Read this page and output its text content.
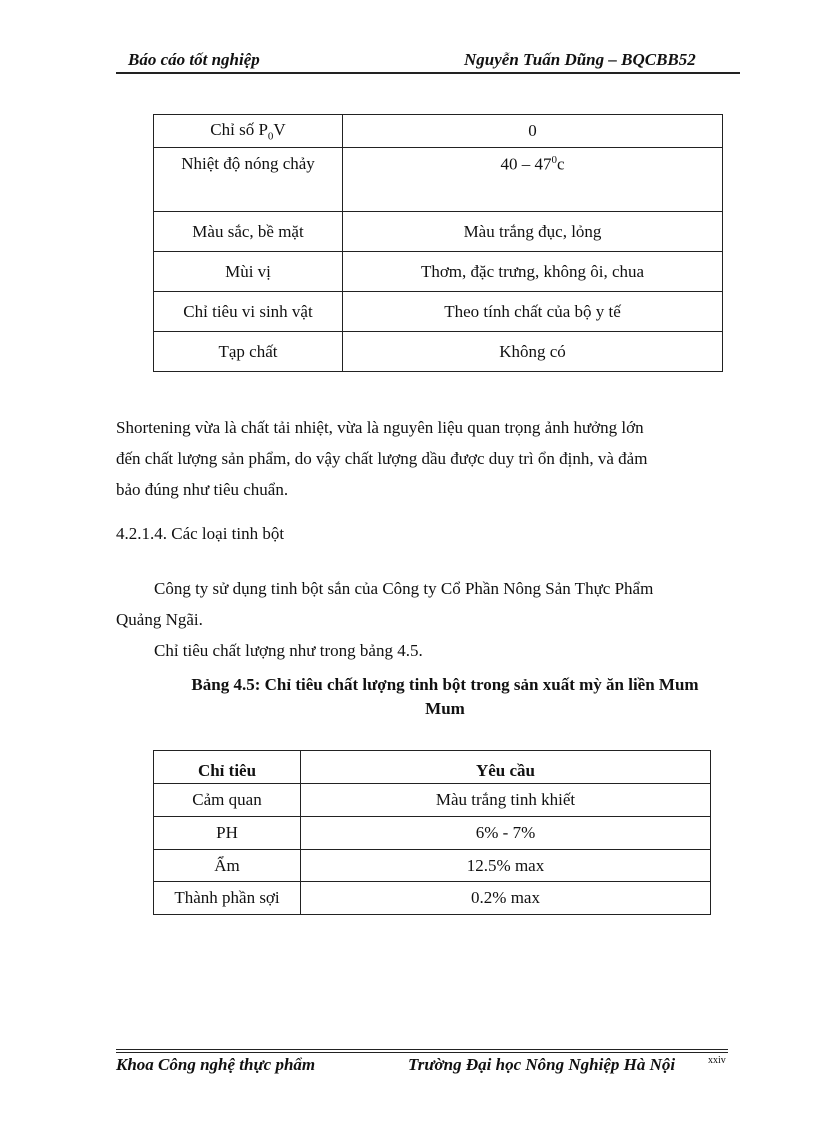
Báo cáo tốt nghiệp	Nguyễn Tuấn Dũng – BQCBB52
Chỉ số $P_0V$	0
Nhiệt độ nóng chảy	$40 - 47^0c$
Màu sắc, bề mặt	Màu trắng đục, lỏng
Mùi vị	Thơm, đặc trưng, không ôi, chua
Chỉ tiêu vi sinh vật	Theo tính chất của bộ y tế
Tạp chất	Không có
Shortening vừa là chất tải nhiệt, vừa là nguyên liệu quan trọng ảnh hưởng lớn
đến chất lượng sản phẩm, do vậy chất lượng dầu được duy trì ổn định, và đảm
bảo đúng như tiêu chuẩn.
4.2.1.4. Các loại tinh bột
Công ty sử dụng tinh bột sắn của Công ty Cổ Phần Nông Sản Thực Phẩm
Quảng Ngãi.
Chỉ tiêu chất lượng như trong bảng 4.5.
Bảng 4.5: Chỉ tiêu chất lượng tinh bột trong sản xuất mỳ ăn liền Mum
Mum
Chỉ tiêu	Yêu cầu
Cảm quan	Màu trắng tinh khiết
PH	6% - 7%
Ẩm	12.5% max
Thành phần sợi	0.2% max
Khoa Công nghệ thực phẩm	Trường Đại học Nông Nghiệp Hà Nội	xxiv
